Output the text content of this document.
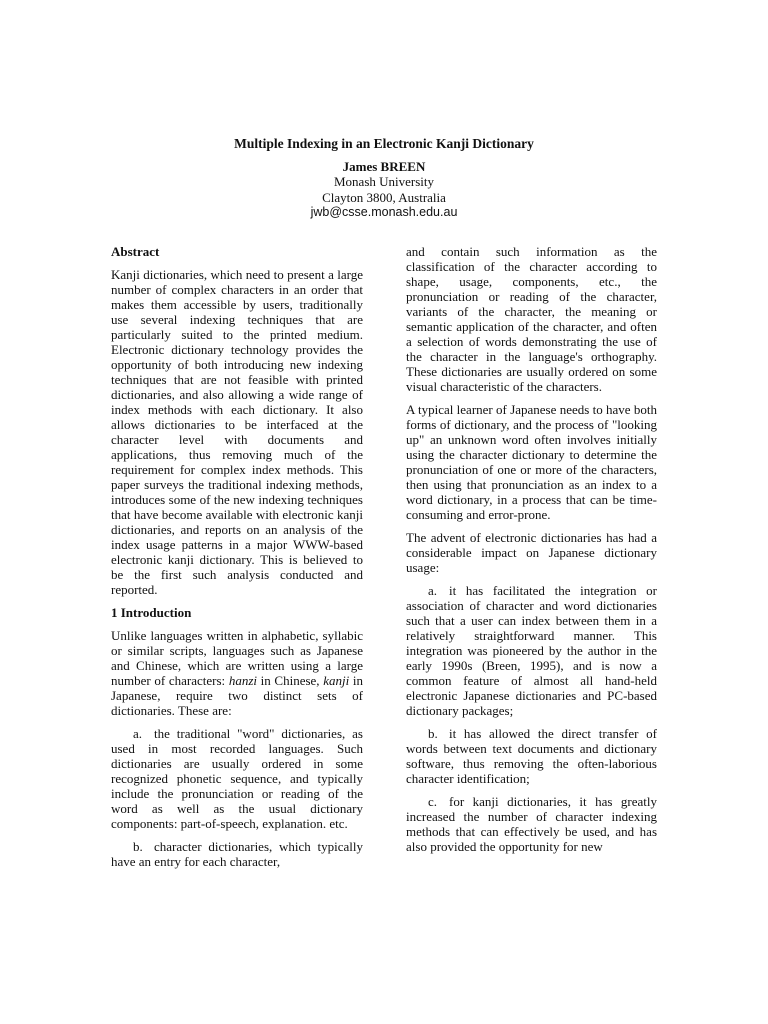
Multiple Indexing in an Electronic Kanji Dictionary
James BREEN
Monash University
Clayton 3800, Australia
jwb@csse.monash.edu.au
Abstract

Kanji dictionaries, which need to present a large number of complex characters in an order that makes them accessible by users, traditionally use several indexing techniques that are particularly suited to the printed medium. Electronic dictionary technology provides the opportunity of both introducing new indexing techniques that are not feasible with printed dictionaries, and also allowing a wide range of index methods with each dictionary. It also allows dictionaries to be interfaced at the character level with documents and applications, thus removing much of the requirement for complex index methods. This paper surveys the traditional indexing methods, introduces some of the new indexing techniques that have become available with electronic kanji dictionaries, and reports on an analysis of the index usage patterns in a major WWW-based electronic kanji dictionary. This is believed to be the first such analysis conducted and reported.

1 Introduction

Unlike languages written in alphabetic, syllabic or similar scripts, languages such as Japanese and Chinese, which are written using a large number of characters: hanzi in Chinese, kanji in Japanese, require two distinct sets of dictionaries. These are:

a. the traditional "word" dictionaries, as used in most recorded languages. Such dictionaries are usually ordered in some recognized phonetic sequence, and typically include the pronunciation or reading of the word as well as the usual dictionary components: part-of-speech, explanation. etc.

b. character dictionaries, which typically have an entry for each character,

and contain such information as the classification of the character according to shape, usage, components, etc., the pronunciation or reading of the character, variants of the character, the meaning or semantic application of the character, and often a selection of words demonstrating the use of the character in the language's orthography. These dictionaries are usually ordered on some visual characteristic of the characters.

A typical learner of Japanese needs to have both forms of dictionary, and the process of "looking up" an unknown word often involves initially using the character dictionary to determine the pronunciation of one or more of the characters, then using that pronunciation as an index to a word dictionary, in a process that can be time-consuming and error-prone.

The advent of electronic dictionaries has had a considerable impact on Japanese dictionary usage:

a. it has facilitated the integration or association of character and word dictionaries such that a user can index between them in a relatively straightforward manner. This integration was pioneered by the author in the early 1990s (Breen, 1995), and is now a common feature of almost all hand-held electronic Japanese dictionaries and PC-based dictionary packages;

b. it has allowed the direct transfer of words between text documents and dictionary software, thus removing the often-laborious character identification;

c. for kanji dictionaries, it has greatly increased the number of character indexing methods that can effectively be used, and has also provided the opportunity for new
